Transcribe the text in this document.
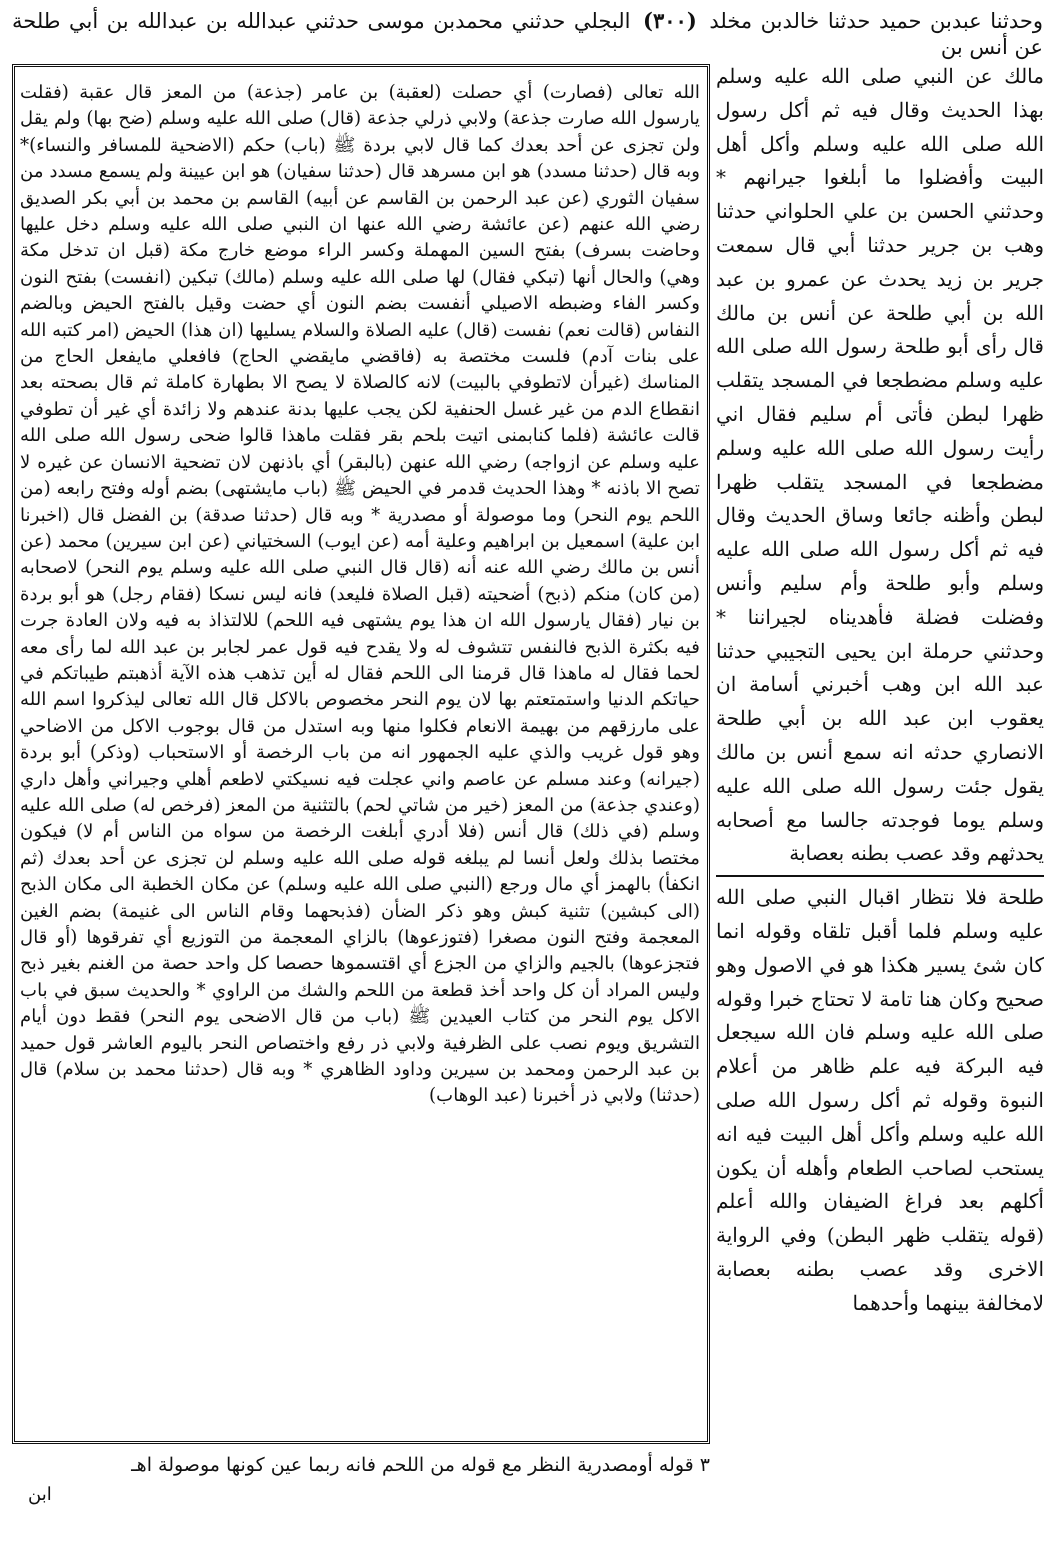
وحدثنا عبدبن حميد حدثنا خالدبن مخلد (٣٠٠) البجلي حدثني محمدبن موسى حدثني عبدالله بن عبدالله بن أبي طلحة عن أنس بن

الله تعالى (فصارت) أي حصلت (لعقبة) بن عامر (جذعة) من المعز قال عقبة (فقلت يارسول الله صارت جذعة) ولابي ذرلي جذعة (قال) صلى الله عليه وسلم (ضح بها) ولم يقل ولن تجزى عن أحد بعدك كما قال لابي بردة ﷺ (باب) حكم (الاضحية للمسافر والنساء)* وبه قال (حدثنا مسدد) هو ابن مسرهد قال (حدثنا سفيان) هو ابن عيينة ولم يسمع مسدد من سفيان الثوري (عن عبد الرحمن بن القاسم عن أبيه) القاسم بن محمد بن أبي بكر الصديق رضي الله عنهم (عن عائشة رضي الله عنها ان النبي صلى الله عليه وسلم دخل عليها وحاضت بسرف) بفتح السين المهملة وكسر الراء موضع خارج مكة (قبل ان تدخل مكة وهي) والحال أنها (تبكي فقال) لها صلى الله عليه وسلم (مالك) تبكين (انفست) بفتح النون وكسر الفاء وضبطه الاصيلي أنفست بضم النون أي حضت وقيل بالفتح الحيض وبالضم النفاس (قالت نعم) نفست (قال) عليه الصلاة والسلام يسليها (ان هذا) الحيض (امر كتبه الله على بنات آدم) فلست مختصة به (فاقضي مايقضي الحاج) فافعلي مايفعل الحاج من المناسك (غيرأن لاتطوفي بالبيت) لانه كالصلاة لا يصح الا بطهارة كاملة ثم قال بصحته بعد انقطاع الدم من غير غسل الحنفية لكن يجب عليها بدنة عندهم ولا زائدة أي غير أن تطوفي قالت عائشة (فلما كنابمنى اتيت بلحم بقر فقلت ماهذا قالوا ضحى رسول الله صلى الله عليه وسلم عن ازواجه) رضي الله عنهن (بالبقر) أي باذنهن لان تضحية الانسان عن غيره لا تصح الا باذنه * وهذا الحديث قدمر في الحيض ﷺ (باب مايشتهى) بضم أوله وفتح رابعه (من اللحم يوم النحر) وما موصولة أو مصدرية * وبه قال (حدثنا صدقة) بن الفضل قال (اخبرنا ابن علية) اسمعيل بن ابراهيم وعلية أمه (عن ايوب) السختياني (عن ابن سيرين) محمد (عن أنس بن مالك رضي الله عنه أنه (قال قال النبي صلى الله عليه وسلم يوم النحر) لاصحابه (من كان) منكم (ذبح) أضحيته (قبل الصلاة فليعد) فانه ليس نسكا (فقام رجل) هو أبو بردة بن نيار (فقال يارسول الله ان هذا يوم يشتهى فيه اللحم) للالتذاذ به فيه ولان العادة جرت فيه بكثرة الذبح فالنفس تتشوف له ولا يقدح فيه قول عمر لجابر بن عبد الله لما رأى معه لحما فقال له ماهذا قال قرمنا الى اللحم فقال له أين تذهب هذه الآية أذهبتم طيباتكم في حياتكم الدنيا واستمتعتم بها لان يوم النحر مخصوص بالاكل قال الله تعالى ليذكروا اسم الله على مارزقهم من بهيمة الانعام فكلوا منها وبه استدل من قال بوجوب الاكل من الاضاحي وهو قول غريب والذي عليه الجمهور انه من باب الرخصة أو الاستحباب (وذكر) أبو بردة (جيرانه) وعند مسلم عن عاصم واني عجلت فيه نسيكتي لاطعم أهلي وجيراني وأهل داري (وعندي جذعة) من المعز (خير من شاتي لحم) بالتثنية من المعز (فرخص له) صلى الله عليه وسلم (في ذلك) قال أنس (فلا أدري أبلغت الرخصة من سواه من الناس أم لا) فيكون مختصا بذلك ولعل أنسا لم يبلغه قوله صلى الله عليه وسلم لن تجزى عن أحد بعدك (ثم انكفأ) بالهمز أي مال ورجع (النبي صلى الله عليه وسلم) عن مكان الخطبة الى مكان الذبح (الى كبشين) تثنية كبش وهو ذكر الضأن (فذبحهما وقام الناس الى غنيمة) بضم الغين المعجمة وفتح النون مصغرا (فتوزعوها) بالزاي المعجمة من التوزيع أي تفرقوها (أو قال فتجزعوها) بالجيم والزاي من الجزع أي اقتسموها حصصا كل واحد حصة من الغنم بغير ذبح وليس المراد أن كل واحد أخذ قطعة من اللحم والشك من الراوي * والحديث سبق في باب الاكل يوم النحر من كتاب العيدين ﷺ (باب من قال الاضحى يوم النحر) فقط دون أيام التشريق ويوم نصب على الظرفية ولابي ذر رفع واختصاص النحر باليوم العاشر قول حميد بن عبد الرحمن ومحمد بن سيرين وداود الظاهري * وبه قال (حدثنا محمد بن سلام) قال (حدثنا) ولابي ذر أخبرنا (عبد الوهاب)

مالك عن النبي صلى الله عليه وسلم بهذا الحديث وقال فيه ثم أكل رسول الله صلى الله عليه وسلم وأكل أهل البيت وأفضلوا ما أبلغوا جيرانهم * وحدثني الحسن بن علي الحلواني حدثنا وهب بن جرير حدثنا أبي قال سمعت جرير بن زيد يحدث عن عمرو بن عبد الله بن أبي طلحة عن أنس بن مالك قال رأى أبو طلحة رسول الله صلى الله عليه وسلم مضطجعا في المسجد يتقلب ظهرا لبطن فأتى أم سليم فقال اني رأيت رسول الله صلى الله عليه وسلم مضطجعا في المسجد يتقلب ظهرا لبطن وأظنه جائعا وساق الحديث وقال فيه ثم أكل رسول الله صلى الله عليه وسلم وأبو طلحة وأم سليم وأنس وفضلت فضلة فأهديناه لجيراننا * وحدثني حرملة ابن يحيى التجيبي حدثنا عبد الله ابن وهب أخبرني أسامة ان يعقوب ابن عبد الله بن أبي طلحة الانصاري حدثه انه سمع أنس بن مالك يقول جئت رسول الله صلى الله عليه وسلم يوما فوجدته جالسا مع أصحابه يحدثهم وقد عصب بطنه بعصابة

طلحة فلا نتظار اقبال النبي صلى الله عليه وسلم فلما أقبل تلقاه وقوله انما كان شئ يسير هكذا هو في الاصول وهو صحيح وكان هنا تامة لا تحتاج خبرا وقوله صلى الله عليه وسلم فان الله سيجعل فيه البركة فيه علم ظاهر من أعلام النبوة وقوله ثم أكل رسول الله صلى الله عليه وسلم وأكل أهل البيت فيه انه يستحب لصاحب الطعام وأهله أن يكون أكلهم بعد فراغ الضيفان والله أعلم (قوله يتقلب ظهر البطن) وفي الرواية الاخرى وقد عصب بطنه بعصابة لامخالفة بينهما وأحدهما

٣ قوله أومصدرية النظر مع قوله من اللحم فانه ربما عين كونها موصولة اهـ
ابن
